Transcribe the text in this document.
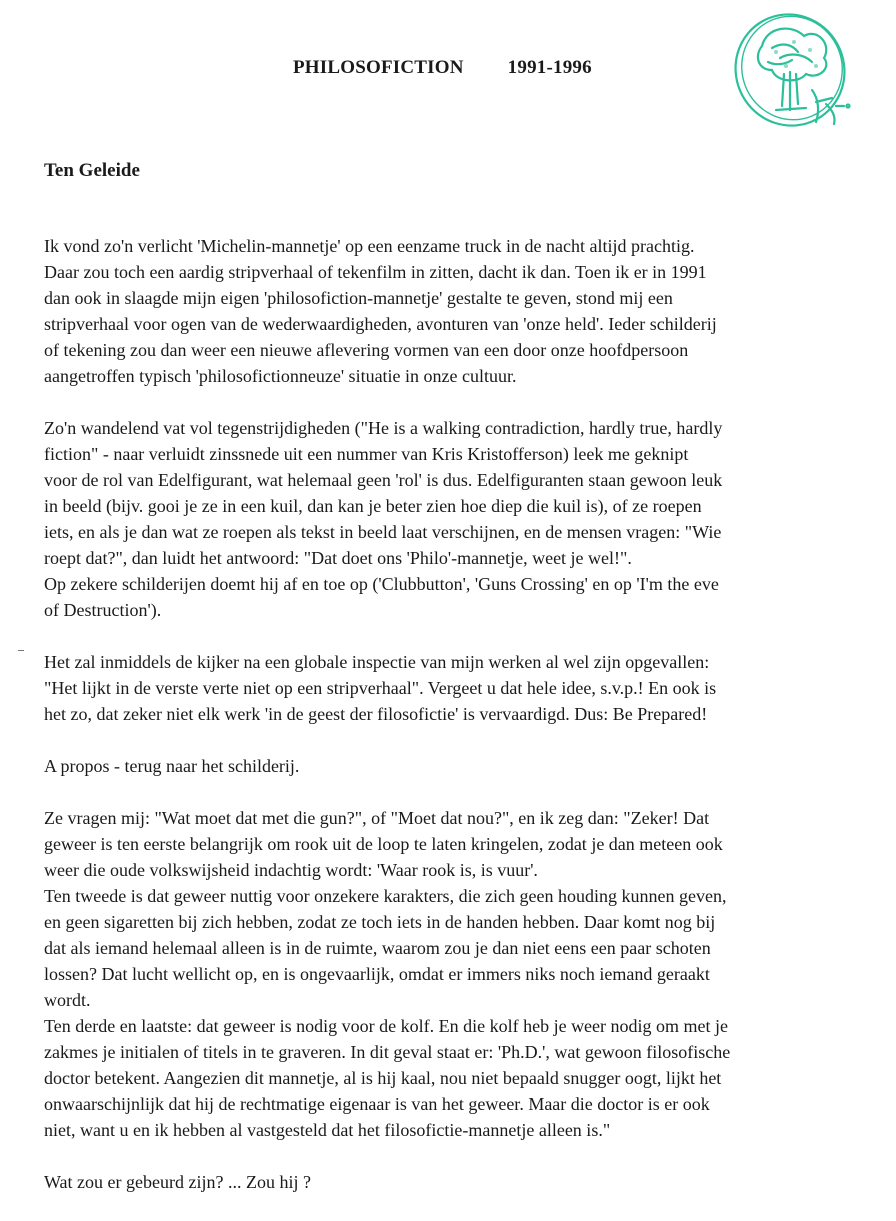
PHILOSOFICTION 1991-1996
Ten Geleide
Ik vond zo'n verlicht 'Michelin-mannetje' op een eenzame truck in de nacht altijd prachtig.
Daar zou toch een aardig stripverhaal of tekenfilm in zitten, dacht ik dan. Toen ik er in 1991
dan ook in slaagde mijn eigen 'philosofiction-mannetje' gestalte te geven, stond mij een
stripverhaal voor ogen van de wederwaardigheden, avonturen van 'onze held'. Ieder schilderij
of tekening zou dan weer een nieuwe aflevering vormen van een door onze hoofdpersoon
aangetroffen typisch 'philosofictionneuze' situatie in onze cultuur.
Zo'n wandelend vat vol tegenstrijdigheden ("He is a walking contradiction, hardly true, hardly
fiction" - naar verluidt zinssnede uit een nummer van Kris Kristofferson) leek me geknipt
voor de rol van Edelfigurant, wat helemaal geen 'rol' is dus. Edelfiguranten staan gewoon leuk
in beeld (bijv. gooi je ze in een kuil, dan kan je beter zien hoe diep die kuil is), of ze roepen
iets, en als je dan wat ze roepen als tekst in beeld laat verschijnen, en de mensen vragen: "Wie
roept dat?", dan luidt het antwoord: "Dat doet ons 'Philo'-mannetje, weet je wel!".
Op zekere schilderijen doemt hij af en toe op ('Clubbutton', 'Guns Crossing' en op 'I'm the eve
of Destruction').
Het zal inmiddels de kijker na een globale inspectie van mijn werken al wel zijn opgevallen:
"Het lijkt in de verste verte niet op een stripverhaal". Vergeet u dat hele idee, s.v.p.! En ook is
het zo, dat zeker niet elk werk 'in de geest der filosofictie' is vervaardigd. Dus: Be Prepared!
A propos - terug naar het schilderij.
Ze vragen mij: "Wat moet dat met die gun?", of "Moet dat nou?", en ik zeg dan: "Zeker! Dat
geweer is ten eerste belangrijk om rook uit de loop te laten kringelen, zodat je dan meteen ook
weer die oude volkswijsheid indachtig wordt: 'Waar rook is, is vuur'.
Ten tweede is dat geweer nuttig voor onzekere karakters, die zich geen houding kunnen geven,
en geen sigaretten bij zich hebben, zodat ze toch iets in de handen hebben. Daar komt nog bij
dat als iemand helemaal alleen is in de ruimte, waarom zou je dan niet eens een paar schoten
lossen? Dat lucht wellicht op, en is ongevaarlijk, omdat er immers niks noch iemand geraakt
wordt.
Ten derde en laatste: dat geweer is nodig voor de kolf. En die kolf heb je weer nodig om met je
zakmes je initialen of titels in te graveren. In dit geval staat er: 'Ph.D.', wat gewoon filosofische
doctor betekent. Aangezien dit mannetje, al is hij kaal, nou niet bepaald snugger oogt, lijkt het
onwaarschijnlijk dat hij de rechtmatige eigenaar is van het geweer. Maar die doctor is er ook
niet, want u en ik hebben al vastgesteld dat het filosofictie-mannetje alleen is."
Wat zou er gebeurd zijn? ... Zou hij ?
